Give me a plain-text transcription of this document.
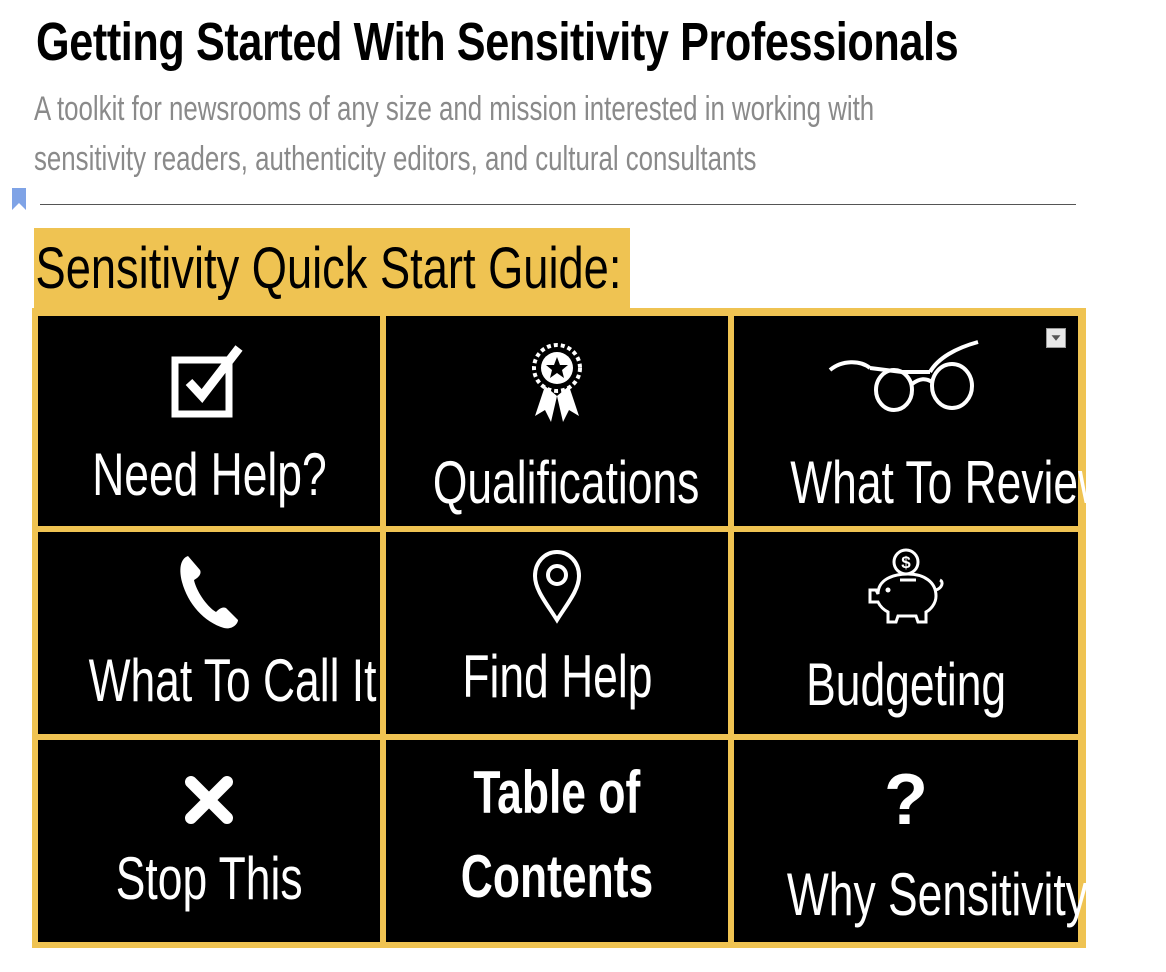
Getting Started With Sensitivity Professionals
A toolkit for newsrooms of any size and mission interested in working with sensitivity readers, authenticity editors, and cultural consultants
Sensitivity Quick Start Guide:
Need Help?	Qualifications	What To Review
What To Call It	Find Help
$
Budgeting
Stop This
Table of
Contents
?
Why Sensitivity
